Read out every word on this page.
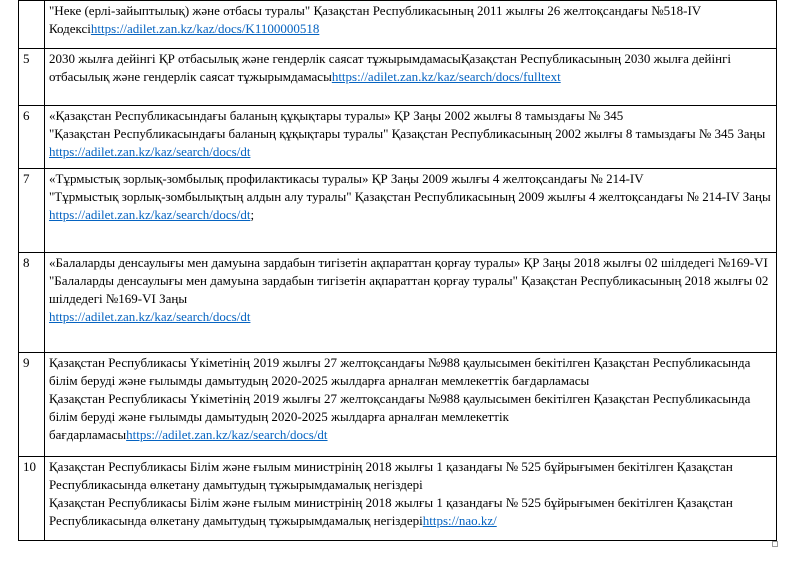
	"Неке (ерлі-зайыптылық) және отбасы туралы" Қазақстан Республикасының 2011 жылғы 26 желтоқсандағы №518-IV Кодексіhttps://adilet.zan.kz/kaz/docs/K1100000518

5	2030 жылға дейінгі ҚР отбасылық және гендерлік саясат тұжырымдамасыҚазақстан Республикасының 2030 жылға дейінгі отбасылық және гендерлік саясат тұжырымдамасыhttps://adilet.zan.kz/kaz/search/docs/fulltext

6	«Қазақстан Республикасындағы баланың құқықтары туралы» ҚР Заңы 2002 жылғы 8 тамыздағы № 345
"Қазақстан Республикасындағы баланың құқықтары туралы" Қазақстан Республикасының 2002 жылғы 8 тамыздағы № 345 Заңы https://adilet.zan.kz/kaz/search/docs/dt

7	«Тұрмыстық зорлық-зомбылық профилактикасы туралы» ҚР Заңы 2009 жылғы 4 желтоқсандағы № 214-IV
"Тұрмыстық зорлық-зомбылықтың алдын алу туралы" Қазақстан Республикасының 2009 жылғы 4 желтоқсандағы № 214-IV Заңы
https://adilet.zan.kz/kaz/search/docs/dt;

8	«Балаларды денсаулығы мен дамуына зардабын тигізетін ақпараттан қорғау туралы» ҚР Заңы 2018 жылғы 02 шілдедегі №169-VI
"Балаларды денсаулығы мен дамуына зардабын тигізетін ақпараттан қорғау туралы" Қазақстан Республикасының 2018 жылғы 02 шілдедегі №169-VI Заңы
https://adilet.zan.kz/kaz/search/docs/dt

9	Қазақстан Республикасы Үкіметінің 2019 жылғы 27 желтоқсандағы №988 қаулысымен бекітілген Қазақстан Республикасында білім беруді және ғылымды дамытудың 2020-2025 жылдарға арналған мемлекеттік бағдарламасы
Қазақстан Республикасы Үкіметінің 2019 жылғы 27 желтоқсандағы №988 қаулысымен бекітілген Қазақстан Республикасында білім беруді және ғылымды дамытудың 2020-2025 жылдарға арналған мемлекеттік бағдарламасыhttps://adilet.zan.kz/kaz/search/docs/dt

10	Қазақстан Республикасы Білім және ғылым министрінің 2018 жылғы 1 қазандағы № 525 бұйрығымен бекітілген Қазақстан Республикасында өлкетану дамытудың тұжырымдамалық негіздері
Қазақстан Республикасы Білім және ғылым министрінің 2018 жылғы 1 қазандағы № 525 бұйрығымен бекітілген Қазақстан Республикасында өлкетану дамытудың тұжырымдамалық негіздеріhttps://nao.kz/
